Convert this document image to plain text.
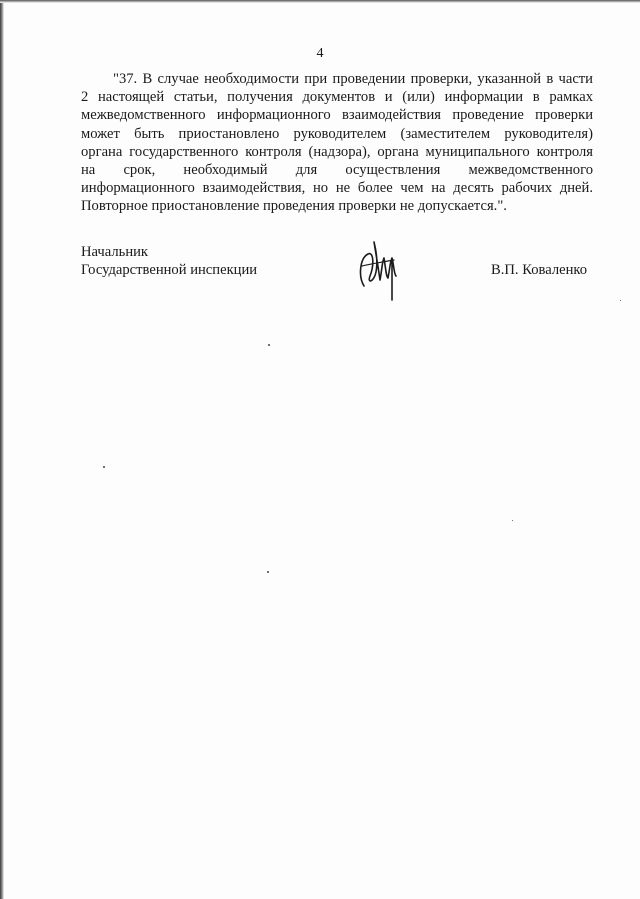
4

"37. В случае необходимости при проведении проверки, указанной в части
2 настоящей статьи, получения документов и (или) информации в рамках
межведомственного информационного взаимодействия проведение проверки
может быть приостановлено руководителем (заместителем руководителя)
органа государственного контроля (надзора), органа муниципального контроля
на срок, необходимый для осуществления межведомственного
информационного взаимодействия, но не более чем на десять рабочих дней.
Повторное приостановление проведения проверки не допускается.".

Начальник
Государственной инспекции	В.П. Коваленко
